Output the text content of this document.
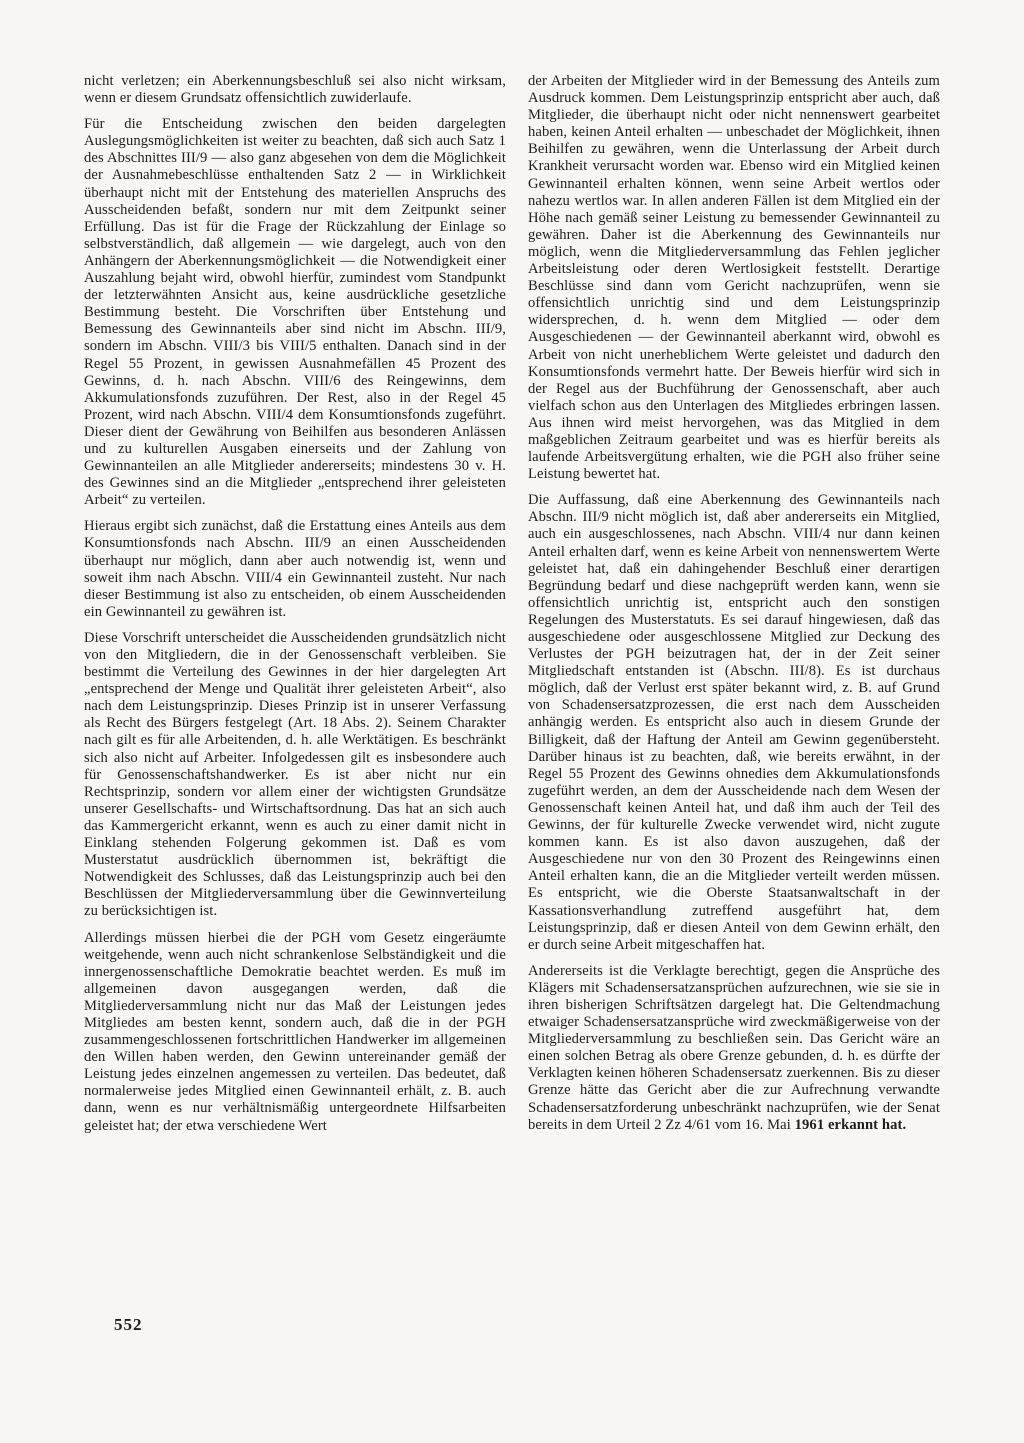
nicht verletzen; ein Aberkennungsbeschluß sei also nicht wirksam, wenn er diesem Grundsatz offensichtlich zuwiderlaufe.

Für die Entscheidung zwischen den beiden dargelegten Auslegungsmöglichkeiten ist weiter zu beachten, daß sich auch Satz 1 des Abschnittes III/9 — also ganz abgesehen von dem die Möglichkeit der Ausnahmebeschlüsse enthaltenden Satz 2 — in Wirklichkeit überhaupt nicht mit der Entstehung des materiellen Anspruchs des Ausscheidenden befaßt, sondern nur mit dem Zeitpunkt seiner Erfüllung. Das ist für die Frage der Rückzahlung der Einlage so selbstverständlich, daß allgemein — wie dargelegt, auch von den Anhängern der Aberkennungsmöglichkeit — die Notwendigkeit einer Auszahlung bejaht wird, obwohl hierfür, zumindest vom Standpunkt der letzterwähnten Ansicht aus, keine ausdrückliche gesetzliche Bestimmung besteht. Die Vorschriften über Entstehung und Bemessung des Gewinnanteils aber sind nicht im Abschn. III/9, sondern im Abschn. VIII/3 bis VIII/5 enthalten. Danach sind in der Regel 55 Prozent, in gewissen Ausnahmefällen 45 Prozent des Gewinns, d. h. nach Abschn. VIII/6 des Reingewinns, dem Akkumulationsfonds zuzuführen. Der Rest, also in der Regel 45 Prozent, wird nach Abschn. VIII/4 dem Konsumtionsfonds zugeführt. Dieser dient der Gewährung von Beihilfen aus besonderen Anlässen und zu kulturellen Ausgaben einerseits und der Zahlung von Gewinnanteilen an alle Mitglieder andererseits; mindestens 30 v. H. des Gewinnes sind an die Mitglieder „entsprechend ihrer geleisteten Arbeit“ zu verteilen.

Hieraus ergibt sich zunächst, daß die Erstattung eines Anteils aus dem Konsumtionsfonds nach Abschn. III/9 an einen Ausscheidenden überhaupt nur möglich, dann aber auch notwendig ist, wenn und soweit ihm nach Abschn. VIII/4 ein Gewinnanteil zusteht. Nur nach dieser Bestimmung ist also zu entscheiden, ob einem Ausscheidenden ein Gewinnanteil zu gewähren ist.

Diese Vorschrift unterscheidet die Ausscheidenden grundsätzlich nicht von den Mitgliedern, die in der Genossenschaft verbleiben. Sie bestimmt die Verteilung des Gewinnes in der hier dargelegten Art „entsprechend der Menge und Qualität ihrer geleisteten Arbeit“, also nach dem Leistungsprinzip. Dieses Prinzip ist in unserer Verfassung als Recht des Bürgers festgelegt (Art. 18 Abs. 2). Seinem Charakter nach gilt es für alle Arbeitenden, d. h. alle Werktätigen. Es beschränkt sich also nicht auf Arbeiter. Infolgedessen gilt es insbesondere auch für Genossenschaftshandwerker. Es ist aber nicht nur ein Rechtsprinzip, sondern vor allem einer der wichtigsten Grundsätze unserer Gesellschafts- und Wirtschaftsordnung. Das hat an sich auch das Kammergericht erkannt, wenn es auch zu einer damit nicht in Einklang stehenden Folgerung gekommen ist. Daß es vom Musterstatut ausdrücklich übernommen ist, bekräftigt die Notwendigkeit des Schlusses, daß das Leistungsprinzip auch bei den Beschlüssen der Mitgliederversammlung über die Gewinnverteilung zu berücksichtigen ist.

Allerdings müssen hierbei die der PGH vom Gesetz eingeräumte weitgehende, wenn auch nicht schrankenlose Selbständigkeit und die innergenossenschaftliche Demokratie beachtet werden. Es muß im allgemeinen davon ausgegangen werden, daß die Mitgliederversammlung nicht nur das Maß der Leistungen jedes Mitgliedes am besten kennt, sondern auch, daß die in der PGH zusammengeschlossenen fortschrittlichen Handwerker im allgemeinen den Willen haben werden, den Gewinn untereinander gemäß der Leistung jedes einzelnen angemessen zu verteilen. Das bedeutet, daß normalerweise jedes Mitglied einen Gewinnanteil erhält, z. B. auch dann, wenn es nur verhältnismäßig untergeordnete Hilfsarbeiten geleistet hat; der etwa verschiedene Wert

der Arbeiten der Mitglieder wird in der Bemessung des Anteils zum Ausdruck kommen. Dem Leistungsprinzip entspricht aber auch, daß Mitglieder, die überhaupt nicht oder nicht nennenswert gearbeitet haben, keinen Anteil erhalten — unbeschadet der Möglichkeit, ihnen Beihilfen zu gewähren, wenn die Unterlassung der Arbeit durch Krankheit verursacht worden war. Ebenso wird ein Mitglied keinen Gewinnanteil erhalten können, wenn seine Arbeit wertlos oder nahezu wertlos war. In allen anderen Fällen ist dem Mitglied ein der Höhe nach gemäß seiner Leistung zu bemessender Gewinnanteil zu gewähren. Daher ist die Aberkennung des Gewinnanteils nur möglich, wenn die Mitgliederversammlung das Fehlen jeglicher Arbeitsleistung oder deren Wertlosigkeit feststellt. Derartige Beschlüsse sind dann vom Gericht nachzuprüfen, wenn sie offensichtlich unrichtig sind und dem Leistungsprinzip widersprechen, d. h. wenn dem Mitglied — oder dem Ausgeschiedenen — der Gewinnanteil aberkannt wird, obwohl es Arbeit von nicht unerheblichem Werte geleistet und dadurch den Konsumtionsfonds vermehrt hatte. Der Beweis hierfür wird sich in der Regel aus der Buchführung der Genossenschaft, aber auch vielfach schon aus den Unterlagen des Mitgliedes erbringen lassen. Aus ihnen wird meist hervorgehen, was das Mitglied in dem maßgeblichen Zeitraum gearbeitet und was es hierfür bereits als laufende Arbeitsvergütung erhalten, wie die PGH also früher seine Leistung bewertet hat.

Die Auffassung, daß eine Aberkennung des Gewinnanteils nach Abschn. III/9 nicht möglich ist, daß aber andererseits ein Mitglied, auch ein ausgeschlossenes, nach Abschn. VIII/4 nur dann keinen Anteil erhalten darf, wenn es keine Arbeit von nennenswertem Werte geleistet hat, daß ein dahingehender Beschluß einer derartigen Begründung bedarf und diese nachgeprüft werden kann, wenn sie offensichtlich unrichtig ist, entspricht auch den sonstigen Regelungen des Musterstatuts. Es sei darauf hingewiesen, daß das ausgeschiedene oder ausgeschlossene Mitglied zur Deckung des Verlustes der PGH beizutragen hat, der in der Zeit seiner Mitgliedschaft entstanden ist (Abschn. III/8). Es ist durchaus möglich, daß der Verlust erst später bekannt wird, z. B. auf Grund von Schadensersatzprozessen, die erst nach dem Ausscheiden anhängig werden. Es entspricht also auch in diesem Grunde der Billigkeit, daß der Haftung der Anteil am Gewinn gegenübersteht. Darüber hinaus ist zu beachten, daß, wie bereits erwähnt, in der Regel 55 Prozent des Gewinns ohnedies dem Akkumulationsfonds zugeführt werden, an dem der Ausscheidende nach dem Wesen der Genossenschaft keinen Anteil hat, und daß ihm auch der Teil des Gewinns, der für kulturelle Zwecke verwendet wird, nicht zugute kommen kann. Es ist also davon auszugehen, daß der Ausgeschiedene nur von den 30 Prozent des Reingewinns einen Anteil erhalten kann, die an die Mitglieder verteilt werden müssen. Es entspricht, wie die Oberste Staatsanwaltschaft in der Kassationsverhandlung zutreffend ausgeführt hat, dem Leistungsprinzip, daß er diesen Anteil von dem Gewinn erhält, den er durch seine Arbeit mitgeschaffen hat.

Andererseits ist die Verklagte berechtigt, gegen die Ansprüche des Klägers mit Schadensersatzansprüchen aufzurechnen, wie sie sie in ihren bisherigen Schriftsätzen dargelegt hat. Die Geltendmachung etwaiger Schadensersatzansprüche wird zweckmäßigerweise von der Mitgliederversammlung zu beschließen sein. Das Gericht wäre an einen solchen Betrag als obere Grenze gebunden, d. h. es dürfte der Verklagten keinen höheren Schadensersatz zuerkennen. Bis zu dieser Grenze hätte das Gericht aber die zur Aufrechnung verwandte Schadensersatzforderung unbeschränkt nachzuprüfen, wie der Senat bereits in dem Urteil 2 Zz 4/61 vom 16. Mai 1961 erkannt hat.

552
